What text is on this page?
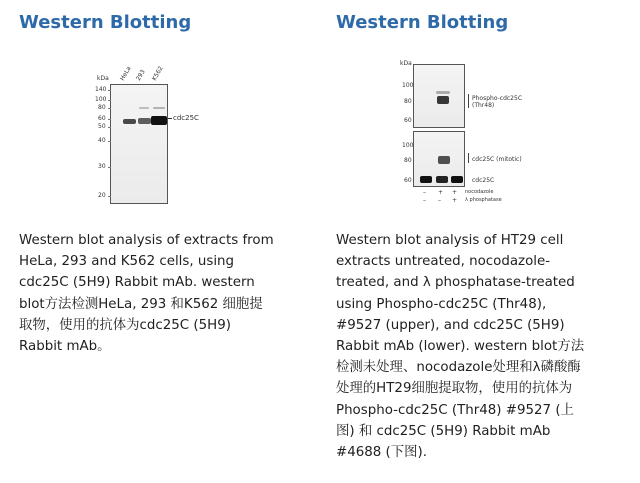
Western Blotting
kDa HeLa 293 K562
140
100
80
60
50
40
30
20
cdc25C
Western blot analysis of extracts from
HeLa, 293 and K562 cells, using
cdc25C (5H9) Rabbit mAb. western
blot方法检测HeLa, 293 和K562 细胞提
取物，使用的抗体为cdc25C (5H9)
Rabbit mAb。
Western Blotting
kDa
100
80
60
Phospho-cdc25C
(Thr48)
100
80
60
cdc25C (mitotic)
cdc25C
– + + nocodazole
– – + λ phosphatase
Western blot analysis of HT29 cell
extracts untreated, nocodazole-
treated, and λ phosphatase-treated
using Phospho-cdc25C (Thr48),
#9527 (upper), and cdc25C (5H9)
Rabbit mAb (lower). western blot方法
检测未处理、nocodazole处理和λ磷酸酶
处理的HT29细胞提取物，使用的抗体为
Phospho-cdc25C (Thr48) #9527 (上
图) 和 cdc25C (5H9) Rabbit mAb
#4688 (下图).
